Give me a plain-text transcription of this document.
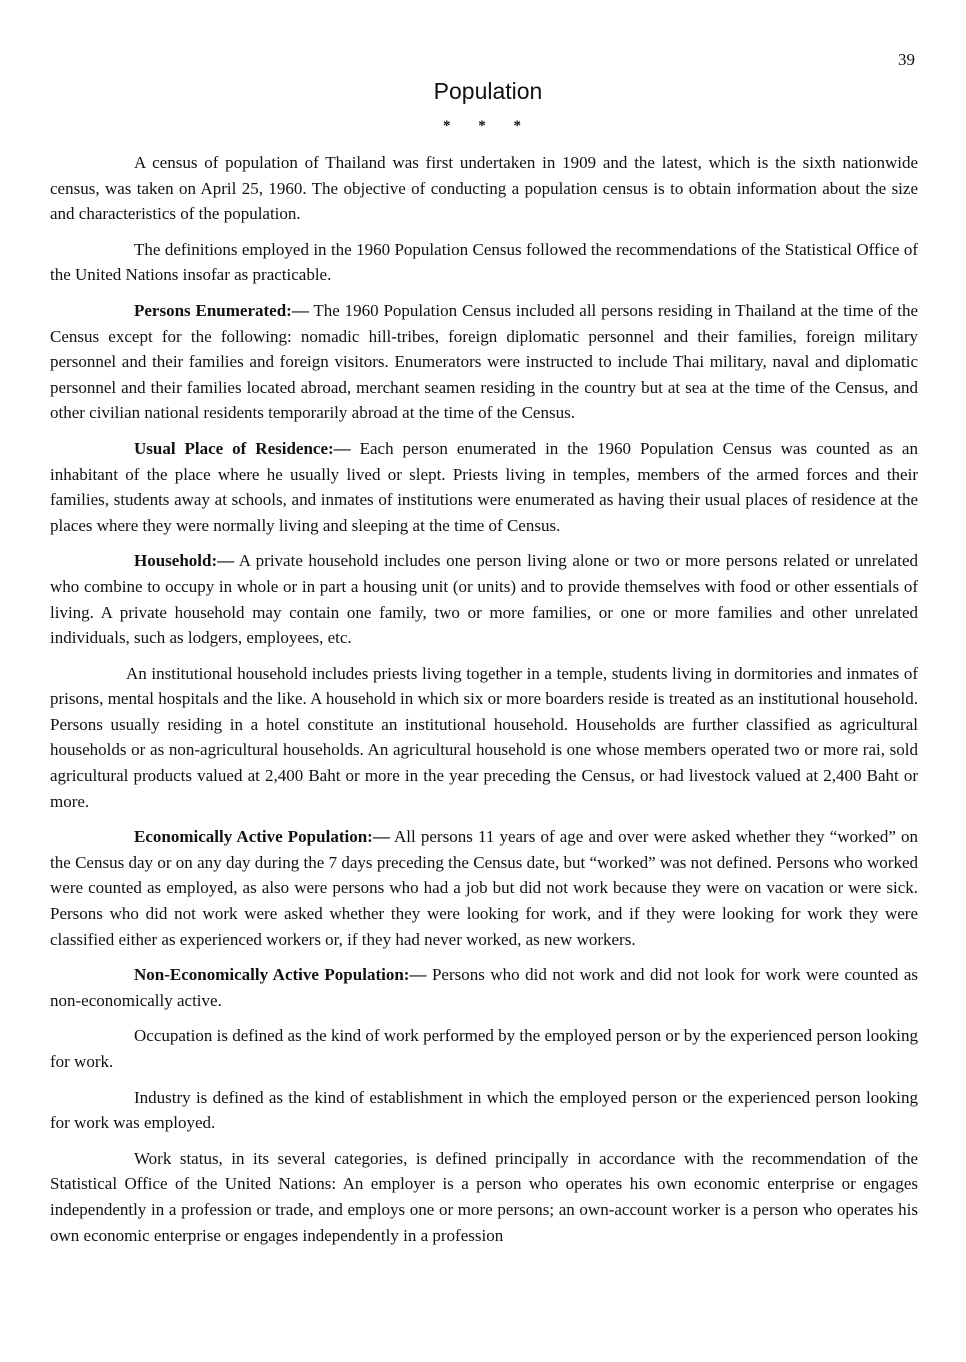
39
Population
* * *

A census of population of Thailand was first undertaken in 1909 and the latest, which is the sixth nationwide census, was taken on April 25, 1960. The objective of conducting a population census is to obtain information about the size and characteristics of the population.

The definitions employed in the 1960 Population Census followed the recommendations of the Statistical Office of the United Nations insofar as practicable.

Persons Enumerated:— The 1960 Population Census included all persons residing in Thailand at the time of the Census except for the following: nomadic hill-tribes, foreign diplomatic personnel and their families, foreign military personnel and their families and foreign visitors. Enumerators were instructed to include Thai military, naval and diplomatic personnel and their families located abroad, merchant seamen residing in the country but at sea at the time of the Census, and other civilian national residents temporarily abroad at the time of the Census.

Usual Place of Residence:— Each person enumerated in the 1960 Population Census was counted as an inhabitant of the place where he usually lived or slept. Priests living in temples, members of the armed forces and their families, students away at schools, and inmates of institutions were enumerated as having their usual places of residence at the places where they were normally living and sleeping at the time of Census.

Household:— A private household includes one person living alone or two or more persons related or unrelated who combine to occupy in whole or in part a housing unit (or units) and to provide themselves with food or other essentials of living. A private household may contain one family, two or more families, or one or more families and other unrelated individuals, such as lodgers, employees, etc.

An institutional household includes priests living together in a temple, students living in dormitories and inmates of prisons, mental hospitals and the like. A household in which six or more boarders reside is treated as an institutional household. Persons usually residing in a hotel constitute an institutional household. Households are further classified as agricultural households or as non-agricultural households. An agricultural household is one whose members operated two or more rai, sold agricultural products valued at 2,400 Baht or more in the year preceding the Census, or had livestock valued at 2,400 Baht or more.

Economically Active Population:— All persons 11 years of age and over were asked whether they “worked” on the Census day or on any day during the 7 days preceding the Census date, but “worked” was not defined. Persons who worked were counted as employed, as also were persons who had a job but did not work because they were on vacation or were sick. Persons who did not work were asked whether they were looking for work, and if they were looking for work they were classified either as experienced workers or, if they had never worked, as new workers.

Non-Economically Active Population:— Persons who did not work and did not look for work were counted as non-economically active.

Occupation is defined as the kind of work performed by the employed person or by the experienced person looking for work.

Industry is defined as the kind of establishment in which the employed person or the experienced person looking for work was employed.

Work status, in its several categories, is defined principally in accordance with the recommendation of the Statistical Office of the United Nations: An employer is a person who operates his own economic enterprise or engages independently in a profession or trade, and employs one or more persons; an own-account worker is a person who operates his own economic enterprise or engages independently in a profession
